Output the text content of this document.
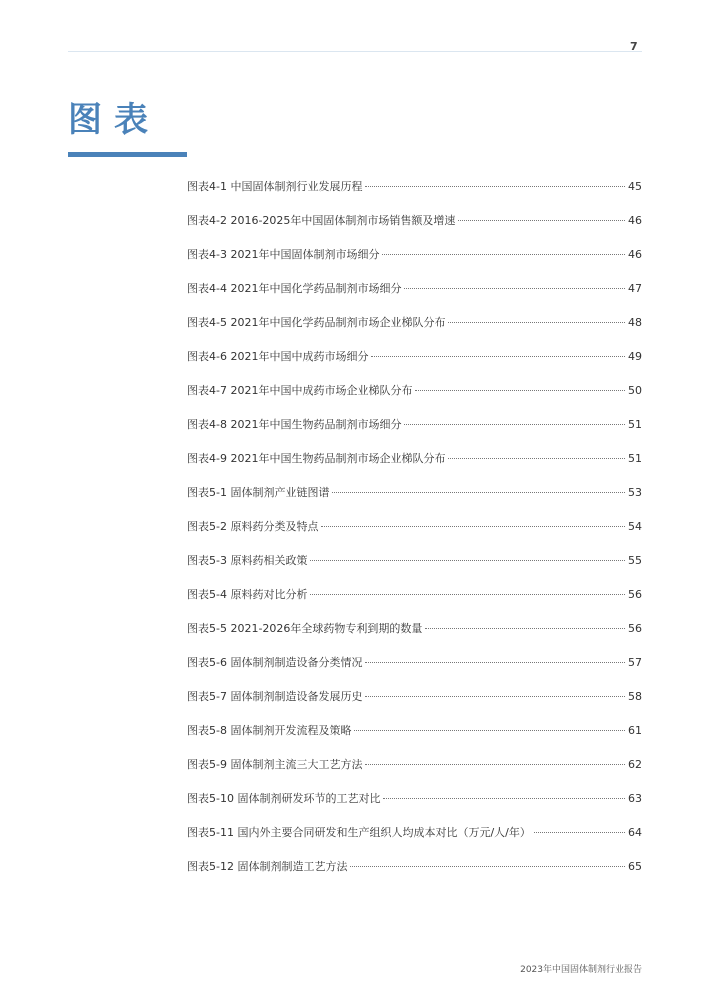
7
图表
图表4-1 中国固体制剂行业发展历程	45
图表4-2 2016-2025年中国固体制剂市场销售额及增速	46
图表4-3 2021年中国固体制剂市场细分	46
图表4-4 2021年中国化学药品制剂市场细分	47
图表4-5 2021年中国化学药品制剂市场企业梯队分布	48
图表4-6 2021年中国中成药市场细分	49
图表4-7 2021年中国中成药市场企业梯队分布	50
图表4-8 2021年中国生物药品制剂市场细分	51
图表4-9 2021年中国生物药品制剂市场企业梯队分布	51
图表5-1 固体制剂产业链图谱	53
图表5-2 原料药分类及特点	54
图表5-3 原料药相关政策	55
图表5-4 原料药对比分析	56
图表5-5 2021-2026年全球药物专利到期的数量	56
图表5-6 固体制剂制造设备分类情况	57
图表5-7 固体制剂制造设备发展历史	58
图表5-8 固体制剂开发流程及策略	61
图表5-9 固体制剂主流三大工艺方法	62
图表5-10 固体制剂研发环节的工艺对比	63
图表5-11 国内外主要合同研发和生产组织人均成本对比（万元/人/年）	64
图表5-12 固体制剂制造工艺方法	65
2023年中国固体制剂行业报告
